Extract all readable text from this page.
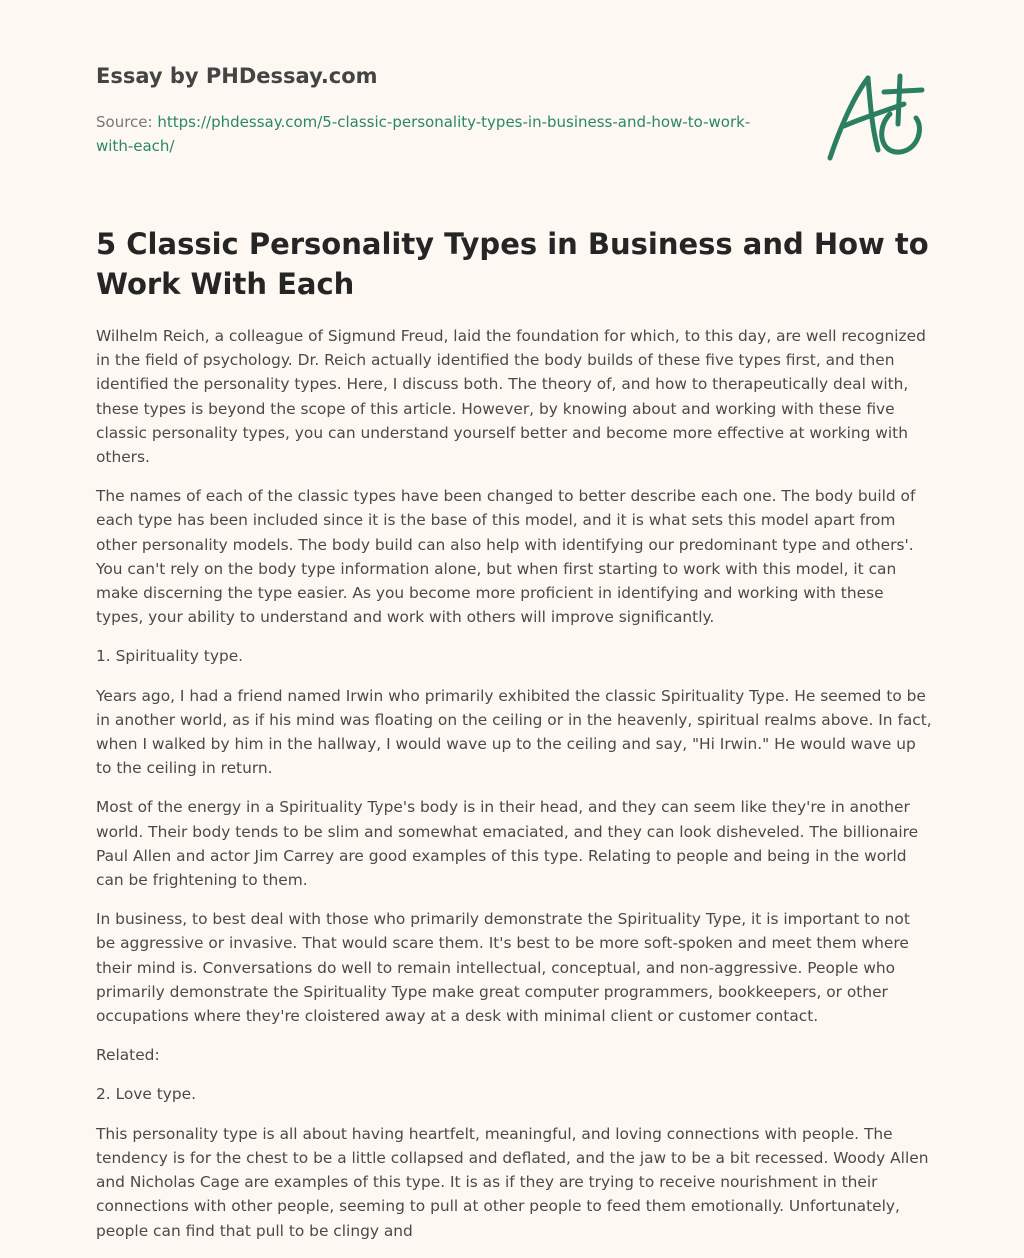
Essay by PHDessay.com
Source: https://phdessay.com/5-classic-personality-types-in-business-and-how-to-work-with-each/
5 Classic Personality Types in Business and How to Work With Each

Wilhelm Reich, a colleague of Sigmund Freud, laid the foundation for which, to this day, are well recognized in the field of psychology. Dr. Reich actually identified the body builds of these five types first, and then identified the personality types. Here, I discuss both. The theory of, and how to therapeutically deal with, these types is beyond the scope of this article. However, by knowing about and working with these five classic personality types, you can understand yourself better and become more effective at working with others.

The names of each of the classic types have been changed to better describe each one. The body build of each type has been included since it is the base of this model, and it is what sets this model apart from other personality models. The body build can also help with identifying our predominant type and others'. You can't rely on the body type information alone, but when first starting to work with this model, it can make discerning the type easier. As you become more proficient in identifying and working with these types, your ability to understand and work with others will improve significantly.

1. Spirituality type.

Years ago, I had a friend named Irwin who primarily exhibited the classic Spirituality Type. He seemed to be in another world, as if his mind was floating on the ceiling or in the heavenly, spiritual realms above. In fact, when I walked by him in the hallway, I would wave up to the ceiling and say, "Hi Irwin." He would wave up to the ceiling in return.

Most of the energy in a Spirituality Type's body is in their head, and they can seem like they're in another world. Their body tends to be slim and somewhat emaciated, and they can look disheveled. The billionaire Paul Allen and actor Jim Carrey are good examples of this type. Relating to people and being in the world can be frightening to them.

In business, to best deal with those who primarily demonstrate the Spirituality Type, it is important to not be aggressive or invasive. That would scare them. It's best to be more soft-spoken and meet them where their mind is. Conversations do well to remain intellectual, conceptual, and non-aggressive. People who primarily demonstrate the Spirituality Type make great computer programmers, bookkeepers, or other occupations where they're cloistered away at a desk with minimal client or customer contact.

Related:

2. Love type.

This personality type is all about having heartfelt, meaningful, and loving connections with people. The tendency is for the chest to be a little collapsed and deflated, and the jaw to be a bit recessed. Woody Allen and Nicholas Cage are examples of this type. It is as if they are trying to receive nourishment in their connections with other people, seeming to pull at other people to feed them emotionally. Unfortunately, people can find that pull to be clingy and
